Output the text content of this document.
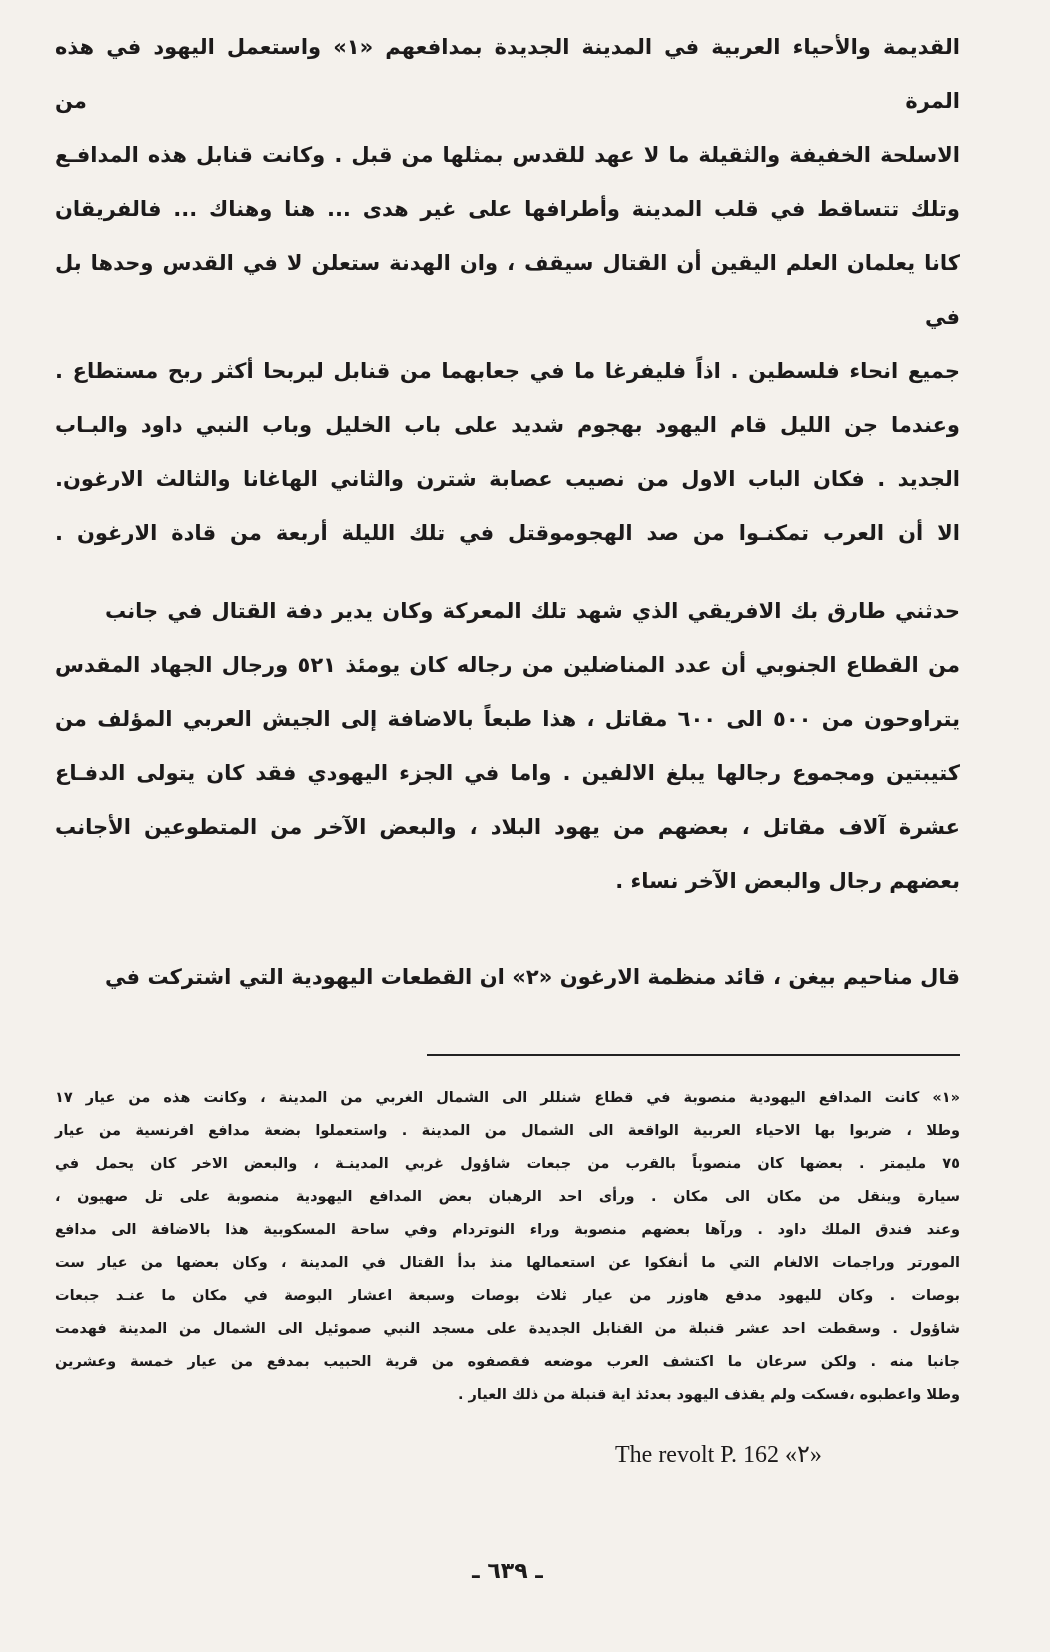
القديمة والأحياء العربية في المدينة الجديدة بمدافعهم «١» واستعمل اليهود في هذه المرة من
الاسلحة الخفيفة والثقيلة ما لا عهد للقدس بمثلها من قبل . وكانت قنابل هذه المدافـع
وتلك تتساقط في قلب المدينة وأطرافها على غير هدى ... هنا وهناك ... فالفريقان
كانا يعلمان العلم اليقين أن القتال سيقف ، وان الهدنة ستعلن لا في القدس وحدها بل في
جميع انحاء فلسطين . اذاً فليفرغا ما في جعابهما من قنابل ليربحا أكثر ربح مستطاع .
وعندما جن الليل قام اليهود بهجوم شديد على باب الخليل وباب النبي داود والبـاب
الجديد . فكان الباب الاول من نصيب عصابة شترن والثاني الهاغانا والثالث الارغون.
الا أن العرب تمكنـوا من صد الهجوموقتل في تلك الليلة أربعة من قادة الارغون .
حدثني طارق بك الافريقي الذي شهد تلك المعركة وكان يدير دفة القتال في جانب
من القطاع الجنوبي أن عدد المناضلين من رجاله كان يومئذ ٥٢١ ورجال الجهاد المقدس
يتراوحون من ٥٠٠ الى ٦٠٠ مقاتل ، هذا طبعاً بالاضافة إلى الجيش العربي المؤلف من
كتيبتين ومجموع رجالها يبلغ الالفين . واما في الجزء اليهودي فقد كان يتولى الدفـاع
عشرة آلاف مقاتل ، بعضهم من يهود البلاد ، والبعض الآخر من المتطوعين الأجانب
بعضهم رجال والبعض الآخر نساء .
قال مناحيم بيغن ، قائد منظمة الارغون «٢» ان القطعات اليهودية التي اشتركت في
«١» كانت المدافع اليهودية منصوبة في قطاع شنللر الى الشمال الغربي من المدينة ، وكانت هذه من عيار ١٧
وطلا ، ضربوا بها الاحياء العربية الواقعة الى الشمال من المدينة . واستعملوا بضعة مدافع افرنسية من عيار
٧٥ مليمتر . بعضها كان منصوباً بالقرب من جبعات شاؤول غربي المدينـة ، والبعض الاخر كان يحمل في
سيارة وينقل من مكان الى مكان . ورأى احد الرهبان بعض المدافع اليهودية منصوبة على تل صهيون ،
وعند فندق الملك داود . ورآها بعضهم منصوبة وراء النوتردام وفي ساحة المسكوبية هذا بالاضافة الى مدافع
المورتر وراجمات الالغام التي ما أنفكوا عن استعمالها منذ بدأ القتال في المدينة ، وكان بعضها من عيار ست
بوصات . وكان لليهود مدفع هاوزر من عيار ثلاث بوصات وسبعة اعشار البوصة في مكان ما عنـد جبعات
شاؤول . وسقطت احد عشر قنبلة من القنابل الجديدة على مسجد النبي صموئيل الى الشمال من المدينة فهدمت
جانبا منه . ولكن سرعان ما اكتشف العرب موضعه فقصفوه من قرية الحبيب بمدفع من عيار خمسة وعشرين
وطلا واعطبوه ،فسكت ولم يقذف اليهود بعدئذ اية قنبلة من ذلك العيار .
The revolt P. 162 «٢»
ـ ٦٣٩ ـ
